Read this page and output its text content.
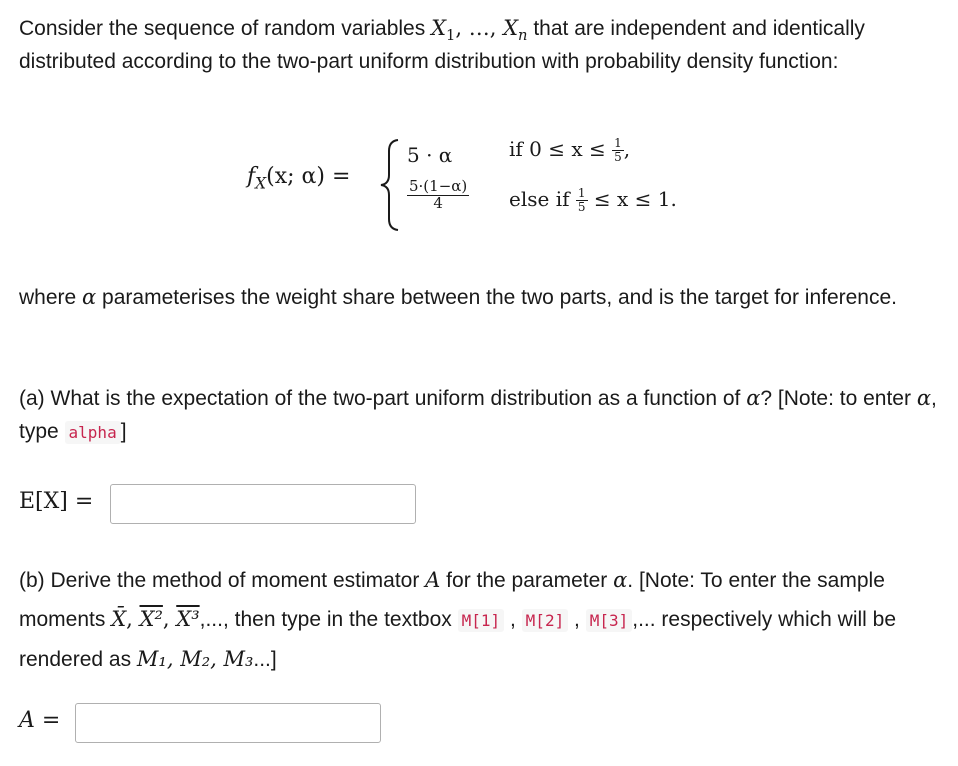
Consider the sequence of random variables $X_1$, …, $X_n$ that are independent and identically distributed according to the two-part uniform distribution with probability density function:
$f_X(x$; α) =
5 · α	if $0 \le x \le \frac{1}{5}$ ,
$\frac{5\cdot(1-\alpha)}{4}$ else if $\frac{1}{5} \le x \le 1$.
where α parameterises the weight share between the two parts, and is the target for inference.
(a) What is the expectation of the two-part uniform distribution as a function of α? [Note: to enter α, type alpha ]
E[X] =
(b) Derive the method of moment estimator A for the parameter α. [Note: To enter the sample moments X̄, X², X³,..., then type in the textbox M[1] , M[2] , M[3] ,... respectively which will be rendered as M₁, M₂, M₃...]
A =
